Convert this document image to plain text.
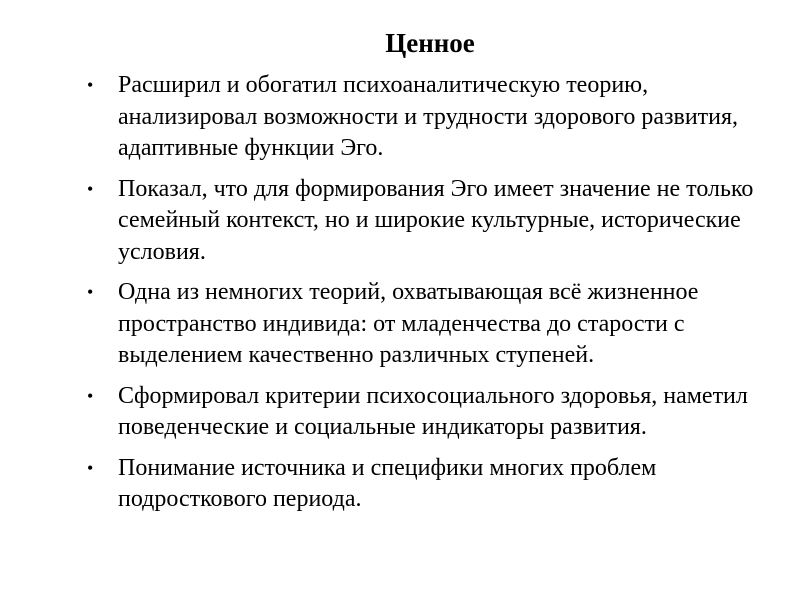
Ценное
• Расширил и обогатил психоаналитическую теорию, анализировал возможности и трудности здорового развития, адаптивные функции Эго.
• Показал, что для формирования Эго имеет значение не только семейный контекст, но и широкие культурные, исторические условия.
• Одна из немногих теорий, охватывающая всё жизненное пространство индивида: от младенчества до старости с выделением качественно различных ступеней.
• Сформировал критерии психосоциального здоровья, наметил поведенческие и социальные индикаторы развития.
• Понимание источника и специфики многих проблем подросткового периода.
